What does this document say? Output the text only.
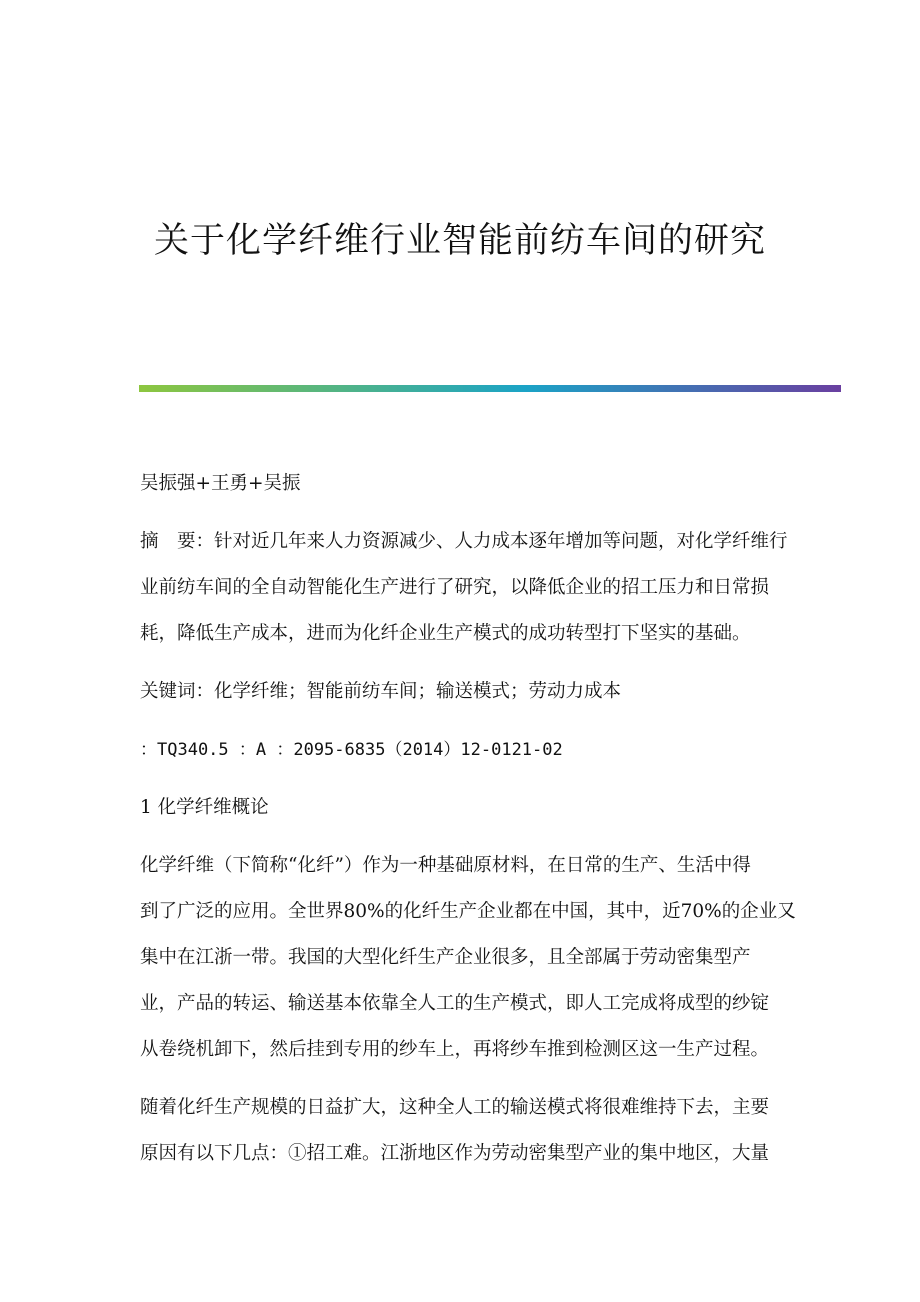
关于化学纤维行业智能前纺车间的研究

吴振强+王勇+吴振

摘　要：针对近几年来人力资源减少、人力成本逐年增加等问题，对化学纤维行
业前纺车间的全自动智能化生产进行了研究，以降低企业的招工压力和日常损
耗，降低生产成本，进而为化纤企业生产模式的成功转型打下坚实的基础。

关键词：化学纤维；智能前纺车间；输送模式；劳动力成本

：TQ340.5 ：A ：2095-6835（2014）12-0121-02

1 化学纤维概论

化学纤维（下简称“化纤”）作为一种基础原材料，在日常的生产、生活中得
到了广泛的应用。全世界80%的化纤生产企业都在中国，其中，近70%的企业又
集中在江浙一带。我国的大型化纤生产企业很多，且全部属于劳动密集型产
业，产品的转运、输送基本依靠全人工的生产模式，即人工完成将成型的纱锭
从卷绕机卸下，然后挂到专用的纱车上，再将纱车推到检测区这一生产过程。

随着化纤生产规模的日益扩大，这种全人工的输送模式将很难维持下去，主要
原因有以下几点：①招工难。江浙地区作为劳动密集型产业的集中地区，大量
